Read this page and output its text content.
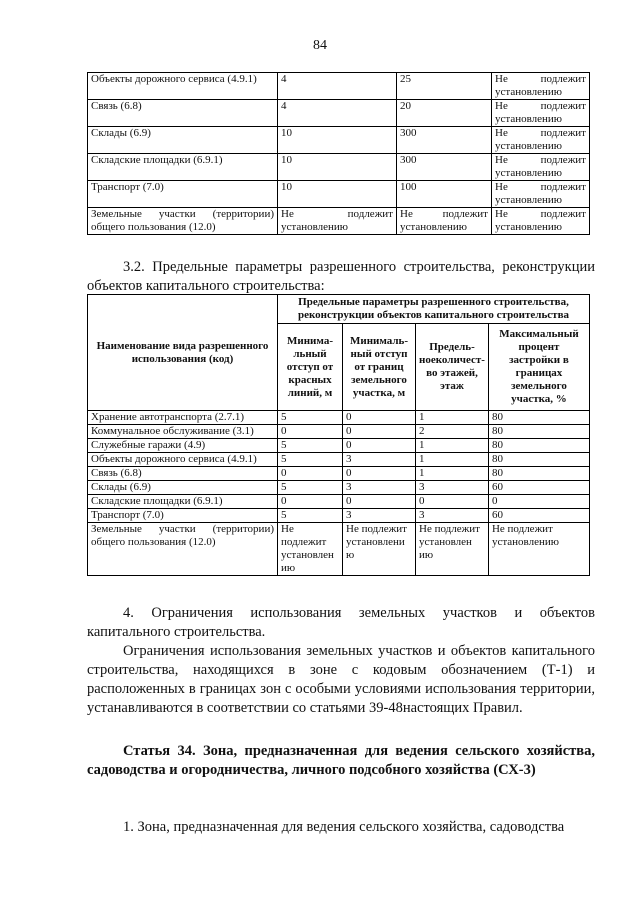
84
Объекты дорожного сервиса (4.9.1)	4	25	Не подлежит установлению
Связь (6.8)	4	20	Не подлежит установлению
Склады (6.9)	10	300	Не подлежит установлению
Складские площадки (6.9.1)	10	300	Не подлежит установлению
Транспорт (7.0)	10	100	Не подлежит установлению
Земельные участки (территории) общего пользования (12.0)	Не подлежит установлению	Не подлежит установлению	Не подлежит установлению
3.2. Предельные параметры разрешенного строительства, реконструкции объектов капитального строительства:
Наименование вида разрешенного использования (код)	Предельные параметры разрешенного строительства, реконструкции объектов капитального строительства			
	Минима-льный отступ от красных линий, м	Минималь-ный отступ от границ земельного участка, м	Предель-ноеколичест-во этажей, этаж	Максимальный процент застройки в границах земельного участка, %
Хранение автотранспорта (2.7.1)	5	0	1	80
Коммунальное обслуживание (3.1)	0	0	2	80
Служебные гаражи (4.9)	5	0	1	80
Объекты дорожного сервиса (4.9.1)	5	3	1	80
Связь (6.8)	0	0	1	80
Склады (6.9)	5	3	3	60
Складские площадки (6.9.1)	0	0	0	0
Транспорт (7.0)	5	3	3	60
Земельные участки (территории) общего пользования (12.0)	Не подлежит установлен ию	Не подлежит установлени ю	Не подлежит установлен ию	Не подлежит установлению
4. Ограничения использования земельных участков и объектов капитального строительства.
Ограничения использования земельных участков и объектов капитального строительства, находящихся в зоне с кодовым обозначением (Т-1) и расположенных в границах зон с особыми условиями использования территории, устанавливаются в соответствии со статьями 39-48настоящих Правил.
Статья 34. Зона, предназначенная для ведения сельского хозяйства, садоводства и огородничества, личного подсобного хозяйства (СХ-3)
1. Зона, предназначенная для ведения сельского хозяйства, садоводства
